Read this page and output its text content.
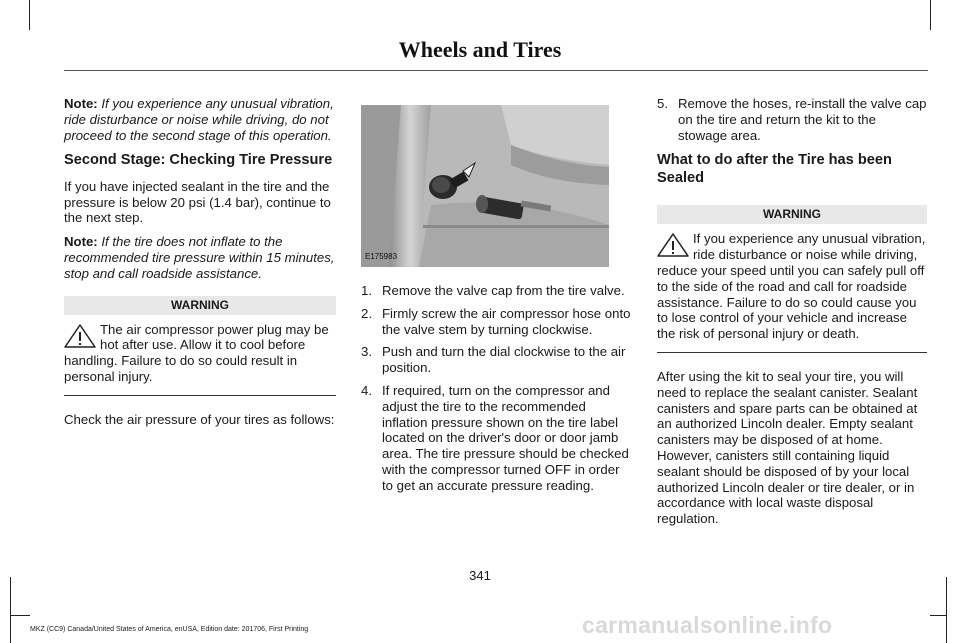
Wheels and Tires

Note: If you experience any unusual vibration, ride disturbance or noise while driving, do not proceed to the second stage of this operation.

Second Stage: Checking Tire Pressure

If you have injected sealant in the tire and the pressure is below 20 psi (1.4 bar), continue to the next step.

Note: If the tire does not inflate to the recommended tire pressure within 15 minutes, stop and call roadside assistance.

WARNING
The air compressor power plug may be hot after use. Allow it to cool before handling. Failure to do so could result in personal injury.

Check the air pressure of your tires as follows:

E175983
1. Remove the valve cap from the tire valve.
2. Firmly screw the air compressor hose onto the valve stem by turning clockwise.
3. Push and turn the dial clockwise to the air position.
4. If required, turn on the compressor and adjust the tire to the recommended inflation pressure shown on the tire label located on the driver's door or door jamb area. The tire pressure should be checked with the compressor turned OFF in order to get an accurate pressure reading.
5. Remove the hoses, re-install the valve cap on the tire and return the kit to the stowage area.
What to do after the Tire has been Sealed
WARNING
If you experience any unusual vibration, ride disturbance or noise while driving, reduce your speed until you can safely pull off to the side of the road and call for roadside assistance. Failure to do so could cause you to lose control of your vehicle and increase the risk of personal injury or death.

After using the kit to seal your tire, you will need to replace the sealant canister. Sealant canisters and spare parts can be obtained at an authorized Lincoln dealer. Empty sealant canisters may be disposed of at home. However, canisters still containing liquid sealant should be disposed of by your local authorized Lincoln dealer or tire dealer, or in accordance with local waste disposal regulation.

341
carmanualsonline.info
MKZ (CC9) Canada/United States of America, enUSA, Edition date: 201706, First Printing
